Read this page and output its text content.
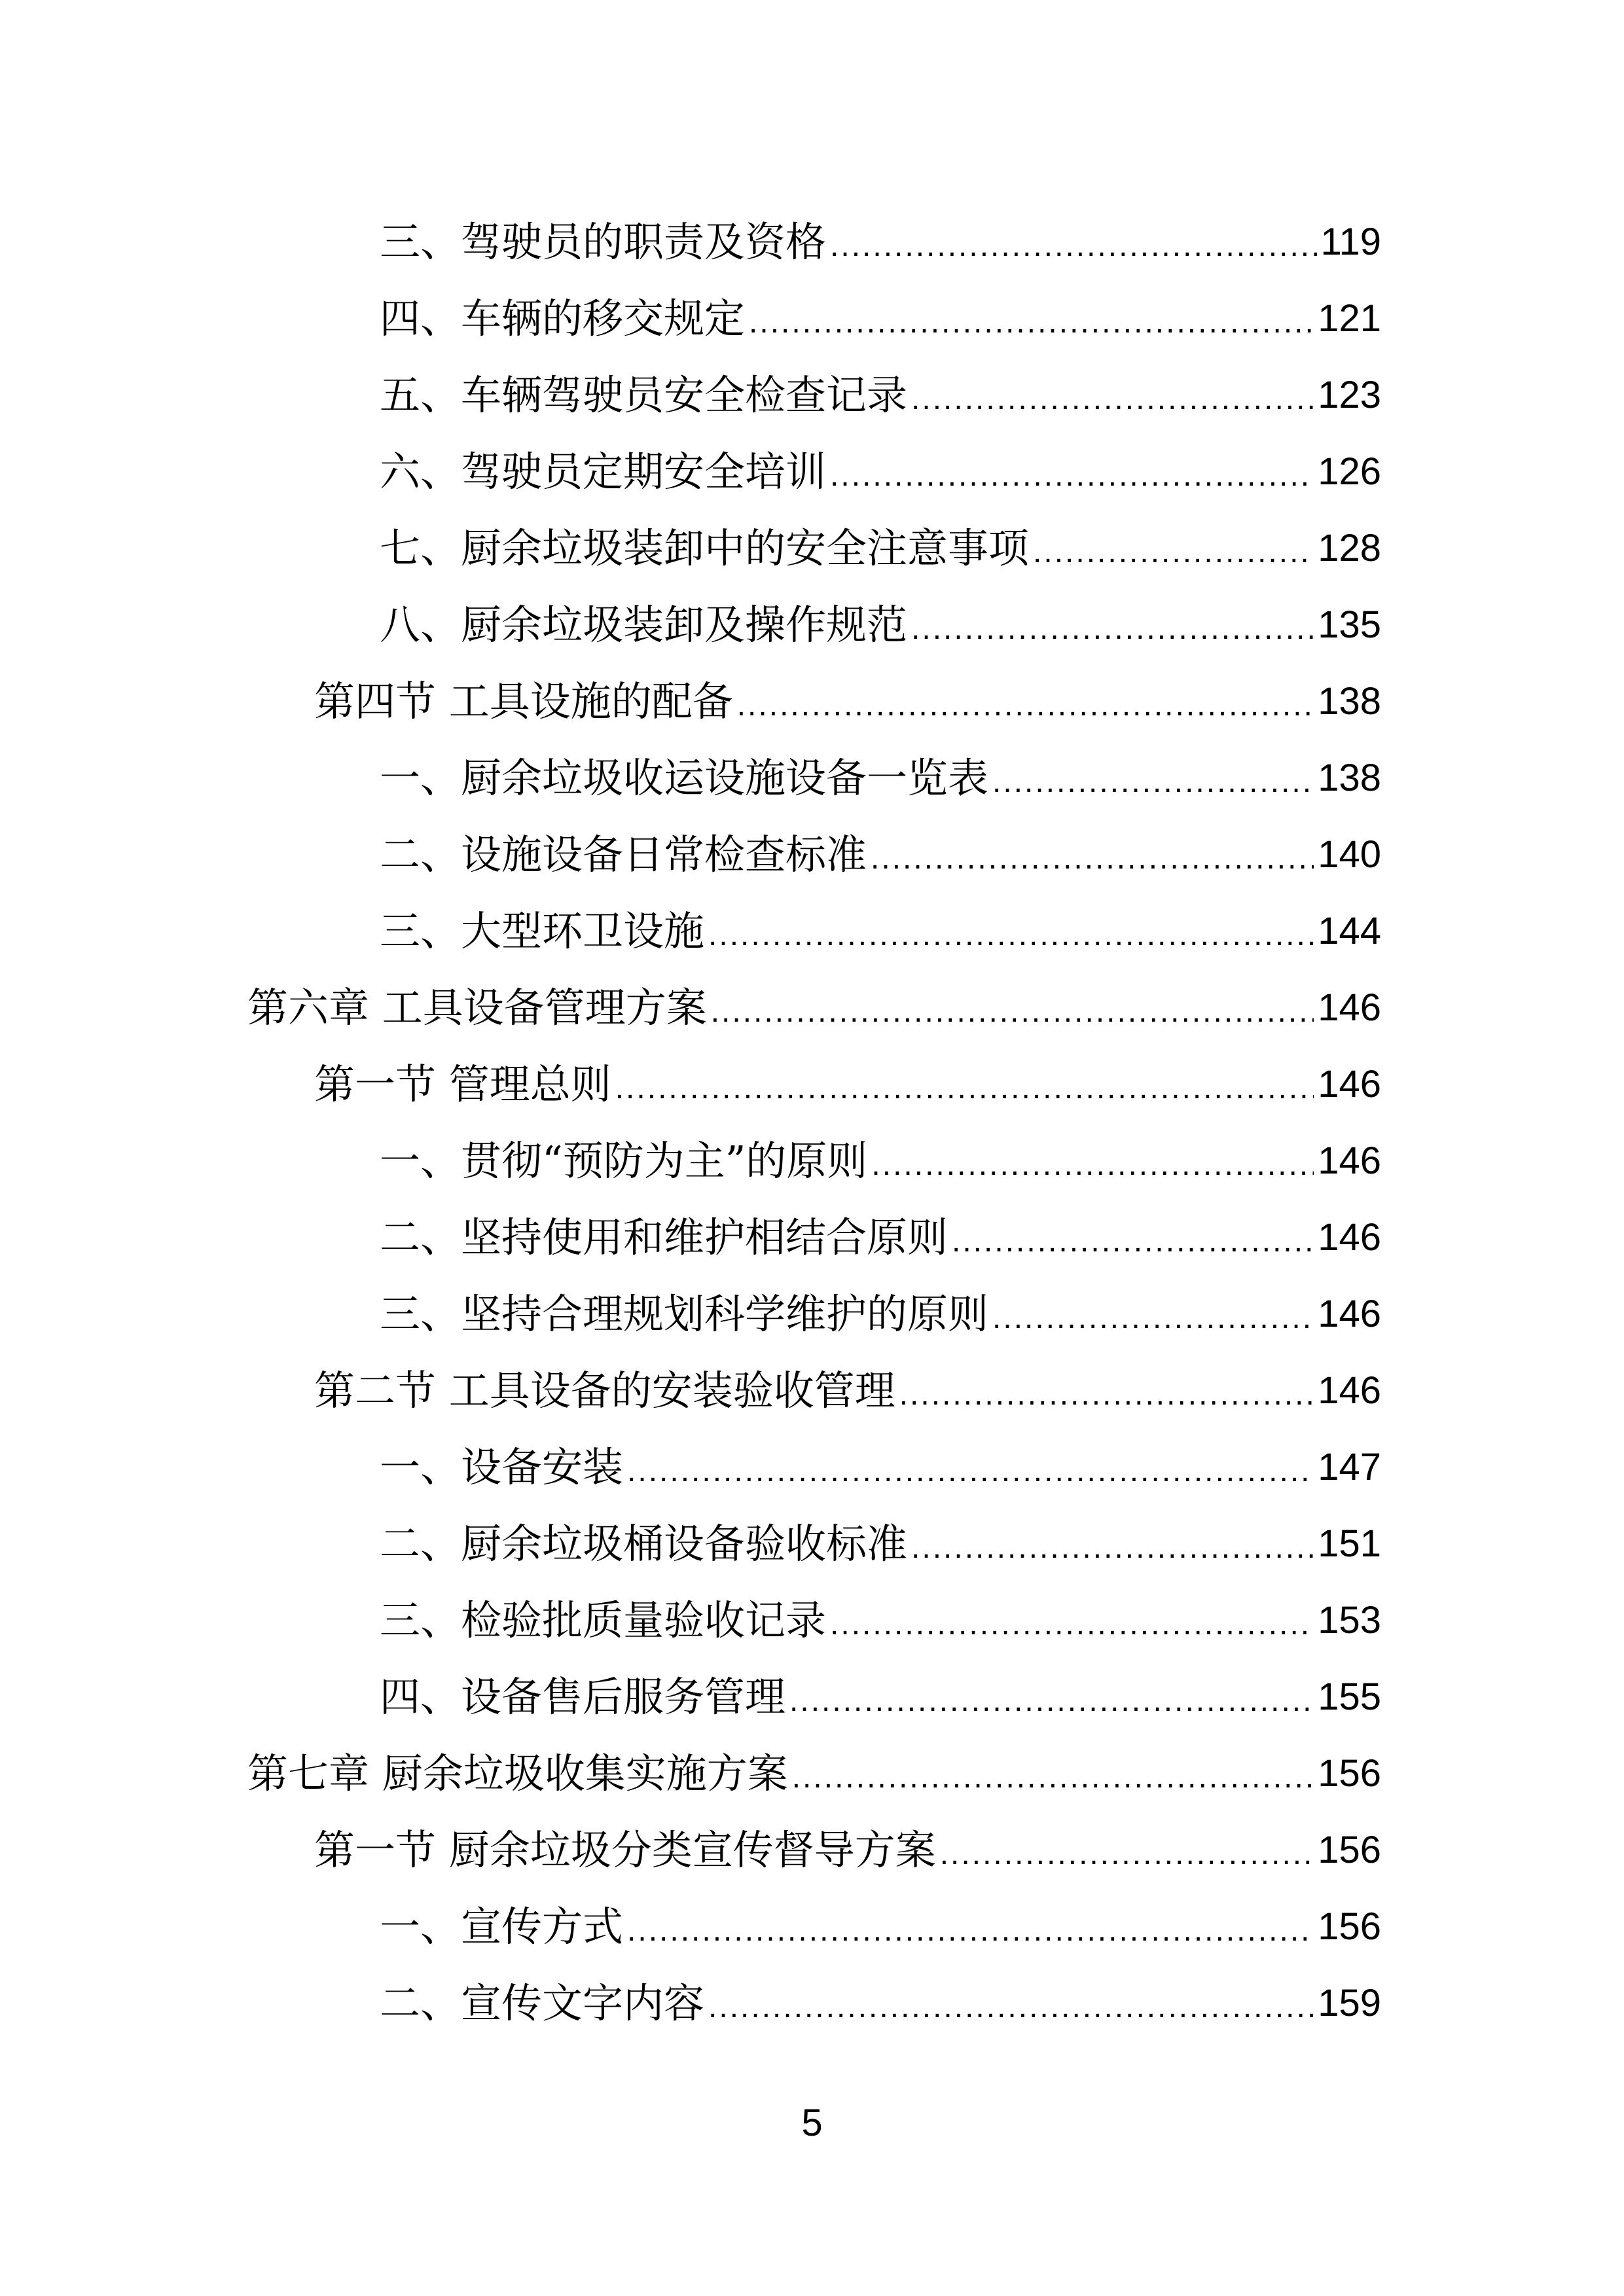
三、驾驶员的职责及资格 .....	119
四、车辆的移交规定 .....	121
五、车辆驾驶员安全检查记录 .....	123
六、驾驶员定期安全培训 .....	126
七、厨余垃圾装卸中的安全注意事项 .....	128
八、厨余垃圾装卸及操作规范 .....	135
第四节 工具设施的配备 .....	138
一、厨余垃圾收运设施设备一览表 .....	138
二、设施设备日常检查标准 .....	140
三、大型环卫设施 .....	144
第六章 工具设备管理方案 .....	146
第一节 管理总则 .....	146
一、贯彻“预防为主”的原则 .....	146
二、坚持使用和维护相结合原则 .....	146
三、坚持合理规划科学维护的原则 .....	146
第二节 工具设备的安装验收管理 .....	146
一、设备安装 .....	147
二、厨余垃圾桶设备验收标准 .....	151
三、检验批质量验收记录 .....	153
四、设备售后服务管理 .....	155
第七章 厨余垃圾收集实施方案 .....	156
第一节 厨余垃圾分类宣传督导方案 .....	156
一、宣传方式 .....	156
二、宣传文字内容 .....	159
5
